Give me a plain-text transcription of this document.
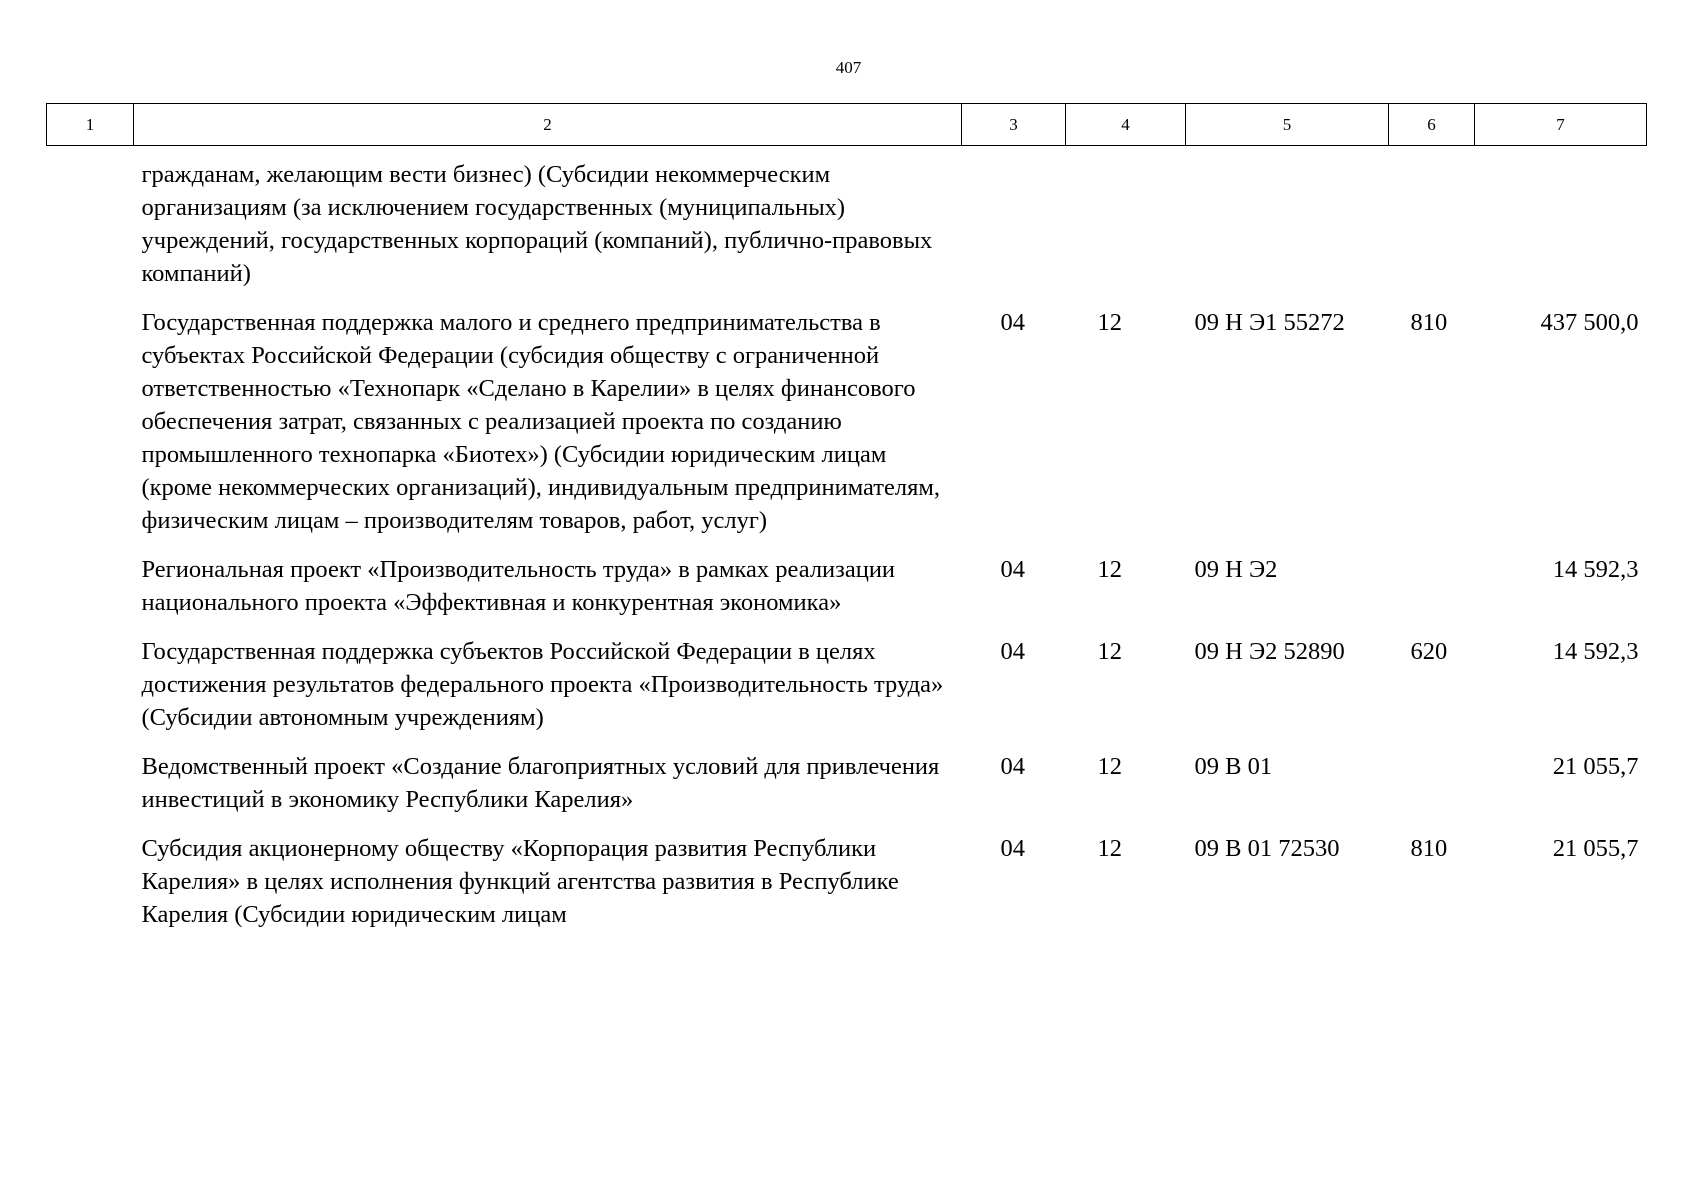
407
1	2	3	4	5	6	7
	гражданам, желающим вести бизнес) (Субсидии некоммерческим организациям (за исключением государственных (муниципальных) учреждений, государственных корпораций (компаний), публично-правовых компаний)					
	Государственная поддержка малого и среднего предпринимательства в субъектах Российской Федерации (субсидия обществу с ограниченной ответственностью «Технопарк «Сделано в Карелии» в целях финансового обеспечения затрат, связанных с реализацией проекта по созданию промышленного технопарка «Биотех») (Субсидии юридическим лицам (кроме некоммерческих организаций), индивидуальным предпринимателям, физическим лицам – производителям товаров, работ, услуг)	04	12	09 Н Э1 55272	810	437 500,0
	Региональная проект «Производительность труда» в рамках реализации национального проекта «Эффективная и конкурентная экономика»	04	12	09 Н Э2		14 592,3
	Государственная поддержка субъектов Российской Федерации в целях достижения результатов федерального проекта «Производительность труда» (Субсидии автономным учреждениям)	04	12	09 Н Э2 52890	620	14 592,3
	Ведомственный проект «Создание благоприятных условий для привлечения инвестиций в экономику Республики Карелия»	04	12	09 В 01		21 055,7
	Субсидия акционерному обществу «Корпорация развития Республики Карелия» в целях исполнения функций агентства развития в Республике Карелия (Субсидии юридическим лицам	04	12	09 В 01 72530	810	21 055,7
